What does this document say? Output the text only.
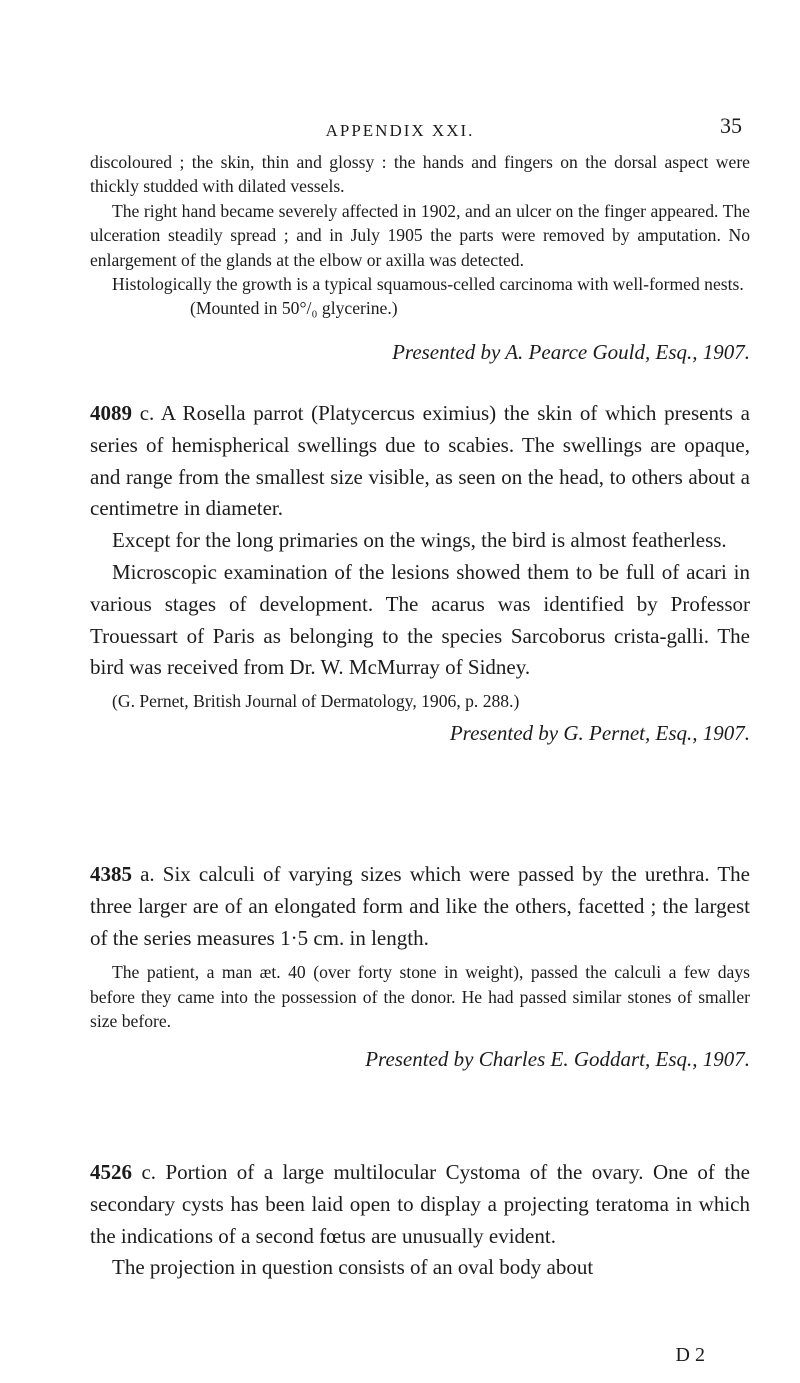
APPENDIX XXI.	35

discoloured ; the skin, thin and glossy : the hands and fingers on the dorsal aspect were thickly studded with dilated vessels.

The right hand became severely affected in 1902, and an ulcer on the finger appeared. The ulceration steadily spread ; and in July 1905 the parts were removed by amputation. No enlargement of the glands at the elbow or axilla was detected.

Histologically the growth is a typical squamous-celled carcinoma with well-formed nests.

(Mounted in 50°/₀ glycerine.)

Presented by A. Pearce Gould, Esq., 1907.

4089 c. A Rosella parrot (Platycercus eximius) the skin of which presents a series of hemispherical swellings due to scabies. The swellings are opaque, and range from the smallest size visible, as seen on the head, to others about a centimetre in diameter.

Except for the long primaries on the wings, the bird is almost featherless.

Microscopic examination of the lesions showed them to be full of acari in various stages of development. The acarus was identified by Professor Trouessart of Paris as belonging to the species Sarcoborus crista-galli. The bird was received from Dr. W. McMurray of Sidney.

(G. Pernet, British Journal of Dermatology, 1906, p. 288.)

Presented by G. Pernet, Esq., 1907.

4385 a. Six calculi of varying sizes which were passed by the urethra. The three larger are of an elongated form and like the others, facetted ; the largest of the series measures 1·5 cm. in length.

The patient, a man æt. 40 (over forty stone in weight), passed the calculi a few days before they came into the possession of the donor. He had passed similar stones of smaller size before.

Presented by Charles E. Goddart, Esq., 1907.

4526 c. Portion of a large multilocular Cystoma of the ovary. One of the secondary cysts has been laid open to display a projecting teratoma in which the indications of a second fœtus are unusually evident.

The projection in question consists of an oval body about

D 2
